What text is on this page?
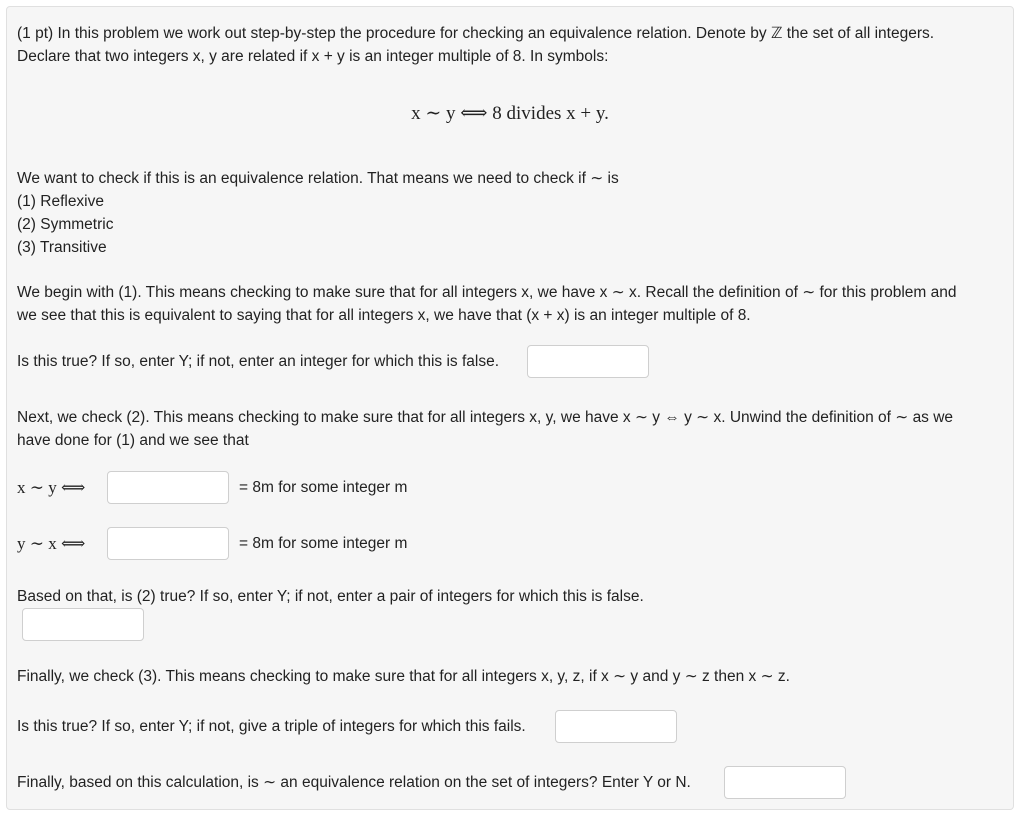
(1 pt) In this problem we work out step-by-step the procedure for checking an equivalence relation. Denote by ℤ the set of all integers.
Declare that two integers x, y are related if x + y is an integer multiple of 8. In symbols:
x ∼ y ⟺ 8 divides x + y.
We want to check if this is an equivalence relation. That means we need to check if ∼ is
(1) Reflexive
(2) Symmetric
(3) Transitive
We begin with (1). This means checking to make sure that for all integers x, we have x ∼ x. Recall the definition of ∼ for this problem and
we see that this is equivalent to saying that for all integers x, we have that (x + x) is an integer multiple of 8.
Is this true? If so, enter Y; if not, enter an integer for which this is false.
Next, we check (2). This means checking to make sure that for all integers x, y, we have x ∼ y ⇔ y ∼ x. Unwind the definition of ∼ as we
have done for (1) and we see that
x ∼ y ⟺	= 8m for some integer m
y ∼ x ⟺	= 8m for some integer m
Based on that, is (2) true? If so, enter Y; if not, enter a pair of integers for which this is false.
Finally, we check (3). This means checking to make sure that for all integers x, y, z, if x ∼ y and y ∼ z then x ∼ z.
Is this true? If so, enter Y; if not, give a triple of integers for which this fails.
Finally, based on this calculation, is ∼ an equivalence relation on the set of integers? Enter Y or N.
